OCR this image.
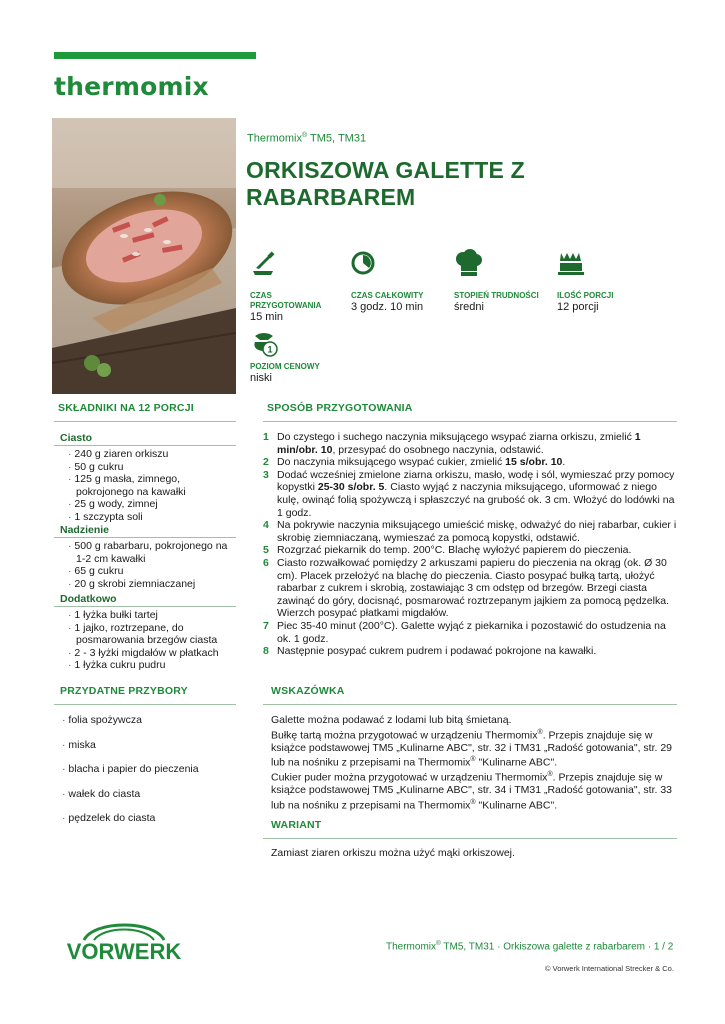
thermomix
Thermomix® TM5, TM31
ORKISZOWA GALETTE Z RABARBAREM
CZAS PRZYGOTOWANIA
15 min
CZAS CAŁKOWITY
3 godz. 10 min
STOPIEŃ TRUDNOŚCI
średni
ILOŚĆ PORCJI
12 porcji
1
POZIOM CENOWY
niski
SKŁADNIKI NA 12 PORCJI
Ciasto
· 240 g ziaren orkiszu
· 50 g cukru
· 125 g masła, zimnego, pokrojonego na kawałki
· 25 g wody, zimnej
· 1 szczypta soli
Nadzienie
· 500 g rabarbaru, pokrojonego na 1-2 cm kawałki
· 65 g cukru
· 20 g skrobi ziemniaczanej
Dodatkowo
· 1 łyżka bułki tartej
· 1 jajko, roztrzepane, do posmarowania brzegów ciasta
· 2 - 3 łyżki migdałów w płatkach
· 1 łyżka cukru pudru
SPOSÓB PRZYGOTOWANIA
1 Do czystego i suchego naczynia miksującego wsypać ziarna orkiszu, zmielić 1 min/obr. 10, przesypać do osobnego naczynia, odstawić.
2 Do naczynia miksującego wsypać cukier, zmielić 15 s/obr. 10.
3 Dodać wcześniej zmielone ziarna orkiszu, masło, wodę i sól, wymieszać przy pomocy kopystki 25-30 s/obr. 5. Ciasto wyjąć z naczynia miksującego, uformować z niego kulę, owinąć folią spożywczą i spłaszczyć na grubość ok. 3 cm. Włożyć do lodówki na 1 godz.
4 Na pokrywie naczynia miksującego umieścić miskę, odważyć do niej rabarbar, cukier i skrobię ziemniaczaną, wymieszać za pomocą kopystki, odstawić.
5 Rozgrzać piekarnik do temp. 200°C. Blachę wyłożyć papierem do pieczenia.
6 Ciasto rozwałkować pomiędzy 2 arkuszami papieru do pieczenia na okrąg (ok. Ø 30 cm). Placek przełożyć na blachę do pieczenia. Ciasto posypać bułką tartą, ułożyć rabarbar z cukrem i skrobią, zostawiając 3 cm odstęp od brzegów. Brzegi ciasta zawinąć do góry, docisnąć, posmarować roztrzepanym jajkiem za pomocą pędzelka. Wierzch posypać płatkami migdałów.
7 Piec 35-40 minut (200°C). Galette wyjąć z piekarnika i pozostawić do ostudzenia na ok. 1 godz.
8 Następnie posypać cukrem pudrem i podawać pokrojone na kawałki.
PRZYDATNE PRZYBORY
· folia spożywcza
· miska
· blacha i papier do pieczenia
· wałek do ciasta
· pędzelek do ciasta
WSKAZÓWKA
Galette można podawać z lodami lub bitą śmietaną.
Bułkę tartą można przygotować w urządzeniu Thermomix®. Przepis znajduje się w książce podstawowej TM5 „Kulinarne ABC", str. 32 i TM31 „Radość gotowania", str. 29 lub na nośniku z przepisami na Thermomix® "Kulinarne ABC".
Cukier puder można przygotować w urządzeniu Thermomix®. Przepis znajduje się w książce podstawowej TM5 „Kulinarne ABC", str. 34 i TM31 „Radość gotowania", str. 33 lub na nośniku z przepisami na Thermomix® "Kulinarne ABC".
WARIANT
Zamiast ziaren orkiszu można użyć mąki orkiszowej.
VORWERK	Thermomix® TM5, TM31 · Orkiszowa galette z rabarbarem · 1 / 2
© Vorwerk International Strecker & Co.
